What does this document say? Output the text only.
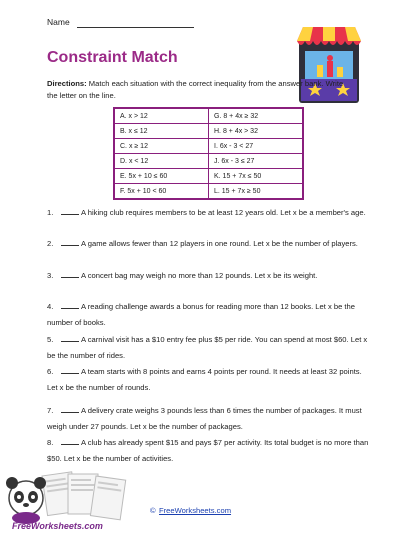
Name
Constraint Match
Directions: Match each situation with the correct inequality from the answer bank. Write the letter on the line.
A. x > 12	G. 8 + 4x ≥ 32
B. x ≤ 12	H. 8 + 4x > 32
C. x ≥ 12	I. 6x - 3 < 27
D. x < 12	J. 6x - 3 ≤ 27
E. 5x + 10 ≤ 60	K. 15 + 7x ≤ 50
F. 5x + 10 < 60	L. 15 + 7x ≥ 50
1.	A hiking club requires members to be at least 12 years old. Let x be a member's age.
2.	A game allows fewer than 12 players in one round. Let x be the number of players.
3.	A concert bag may weigh no more than 12 pounds. Let x be its weight.
4.	A reading challenge awards a bonus for reading more than 12 books. Let x be the number of books.
5.	A carnival visit has a $10 entry fee plus $5 per ride. You can spend at most $60. Let x be the number of rides.
6.	A team starts with 8 points and earns 4 points per round. It needs at least 32 points. Let x be the number of rounds.
7.	A delivery crate weighs 3 pounds less than 6 times the number of packages. It must weigh under 27 pounds. Let x be the number of packages.
8.	A club has already spent $15 and pays $7 per activity. Its total budget is no more than $50. Let x be the number of activities.
© FreeWorksheets.com
FreeWorksheets.com
